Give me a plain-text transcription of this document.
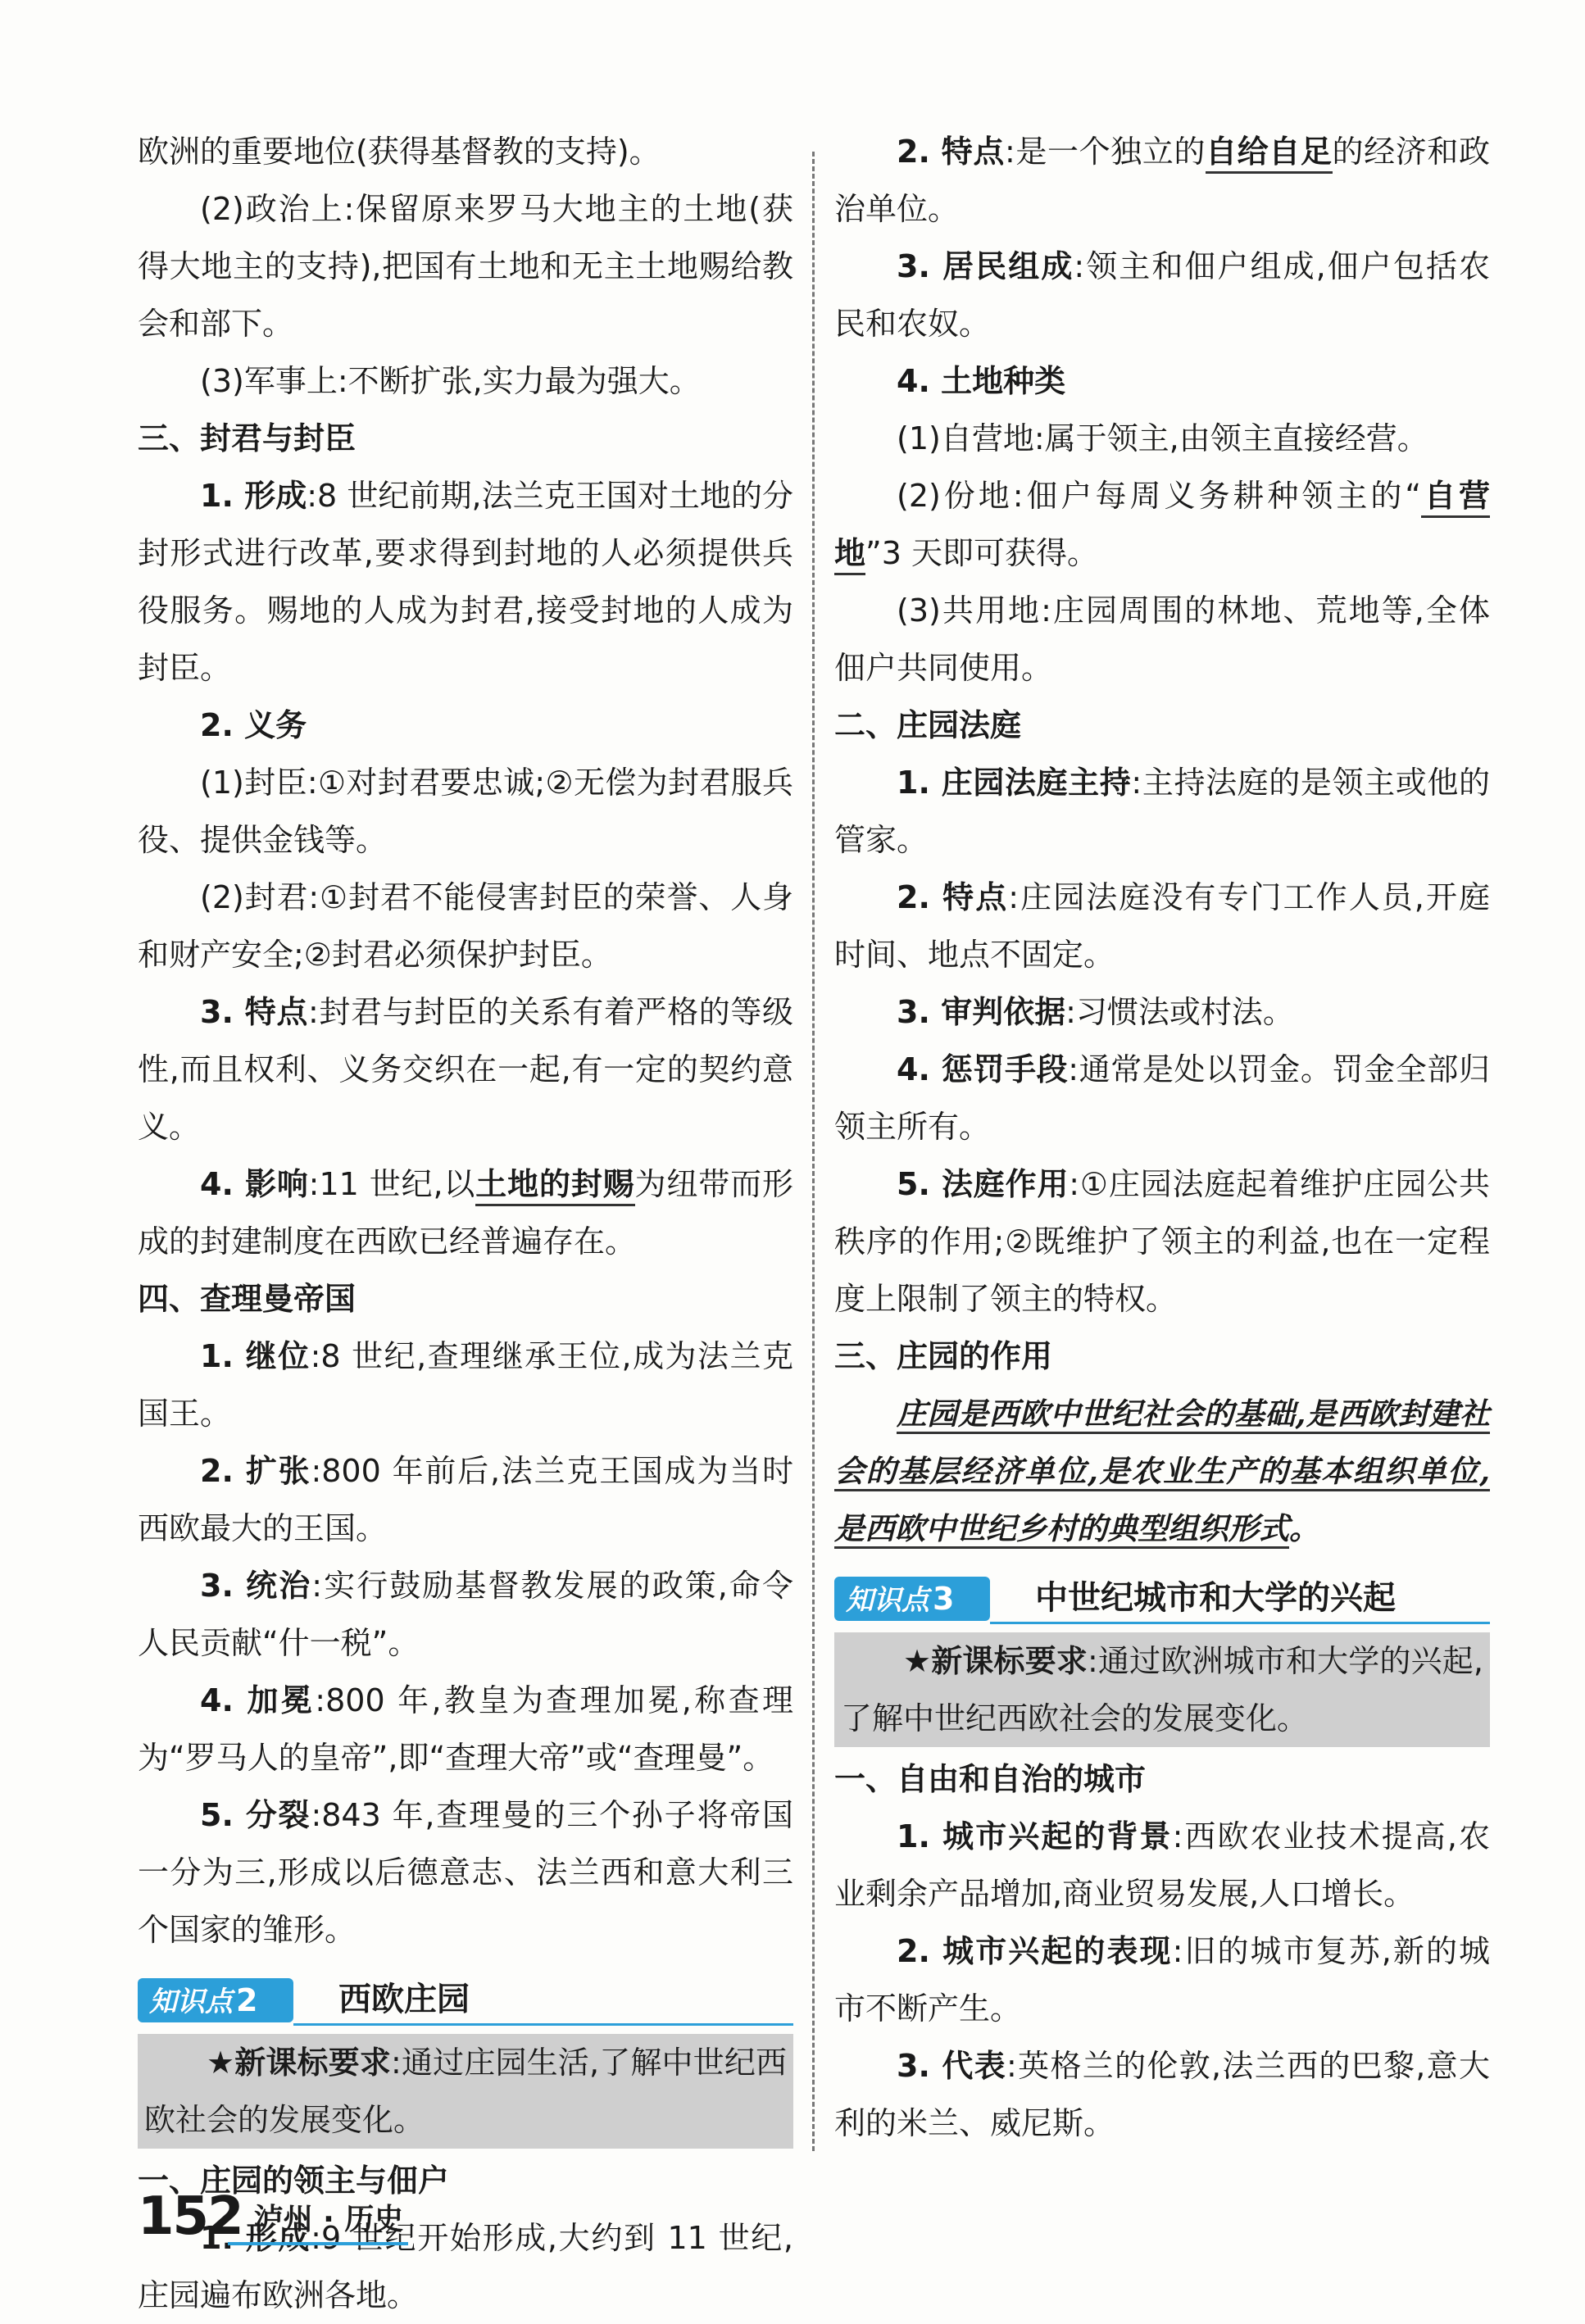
欧洲的重要地位(获得基督教的支持)。

(2)政治上:保留原来罗马大地主的土地(获得大地主的支持),把国有土地和无主土地赐给教会和部下。

(3)军事上:不断扩张,实力最为强大。

三、封君与封臣

1. 形成:8 世纪前期,法兰克王国对土地的分封形式进行改革,要求得到封地的人必须提供兵役服务。赐地的人成为封君,接受封地的人成为封臣。

2. 义务

(1)封臣:①对封君要忠诚;②无偿为封君服兵役、提供金钱等。

(2)封君:①封君不能侵害封臣的荣誉、人身和财产安全;②封君必须保护封臣。

3. 特点:封君与封臣的关系有着严格的等级性,而且权利、义务交织在一起,有一定的契约意义。

4. 影响:11 世纪,以土地的封赐为纽带而形成的封建制度在西欧已经普遍存在。

四、查理曼帝国

1. 继位:8 世纪,查理继承王位,成为法兰克国王。

2. 扩张:800 年前后,法兰克王国成为当时西欧最大的王国。

3. 统治:实行鼓励基督教发展的政策,命令人民贡献“什一税”。

4. 加冕:800 年,教皇为查理加冕,称查理为“罗马人的皇帝”,即“查理大帝”或“查理曼”。

5. 分裂:843 年,查理曼的三个孙子将帝国一分为三,形成以后德意志、法兰西和意大利三个国家的雏形。

知识点 2	西欧庄园

★新课标要求:通过庄园生活,了解中世纪西欧社会的发展变化。

一、庄园的领主与佃户

1. 形成:9 世纪开始形成,大约到 11 世纪,庄园遍布欧洲各地。

2. 特点:是一个独立的自给自足的经济和政治单位。

3. 居民组成:领主和佃户组成,佃户包括农民和农奴。

4. 土地种类

(1)自营地:属于领主,由领主直接经营。

(2)份地:佃户每周义务耕种领主的“自营地”3 天即可获得。

(3)共用地:庄园周围的林地、荒地等,全体佃户共同使用。

二、庄园法庭

1. 庄园法庭主持:主持法庭的是领主或他的管家。

2. 特点:庄园法庭没有专门工作人员,开庭时间、地点不固定。

3. 审判依据:习惯法或村法。

4. 惩罚手段:通常是处以罚金。罚金全部归领主所有。

5. 法庭作用:①庄园法庭起着维护庄园公共秩序的作用;②既维护了领主的利益,也在一定程度上限制了领主的特权。

三、庄园的作用

庄园是西欧中世纪社会的基础,是西欧封建社会的基层经济单位,是农业生产的基本组织单位,是西欧中世纪乡村的典型组织形式。

知识点 3	中世纪城市和大学的兴起

★新课标要求:通过欧洲城市和大学的兴起,了解中世纪西欧社会的发展变化。

一、自由和自治的城市

1. 城市兴起的背景:西欧农业技术提高,农业剩余产品增加,商业贸易发展,人口增长。

2. 城市兴起的表现:旧的城市复苏,新的城市不断产生。

3. 代表:英格兰的伦敦,法兰西的巴黎,意大利的米兰、威尼斯。

152 泸州 · 历史
